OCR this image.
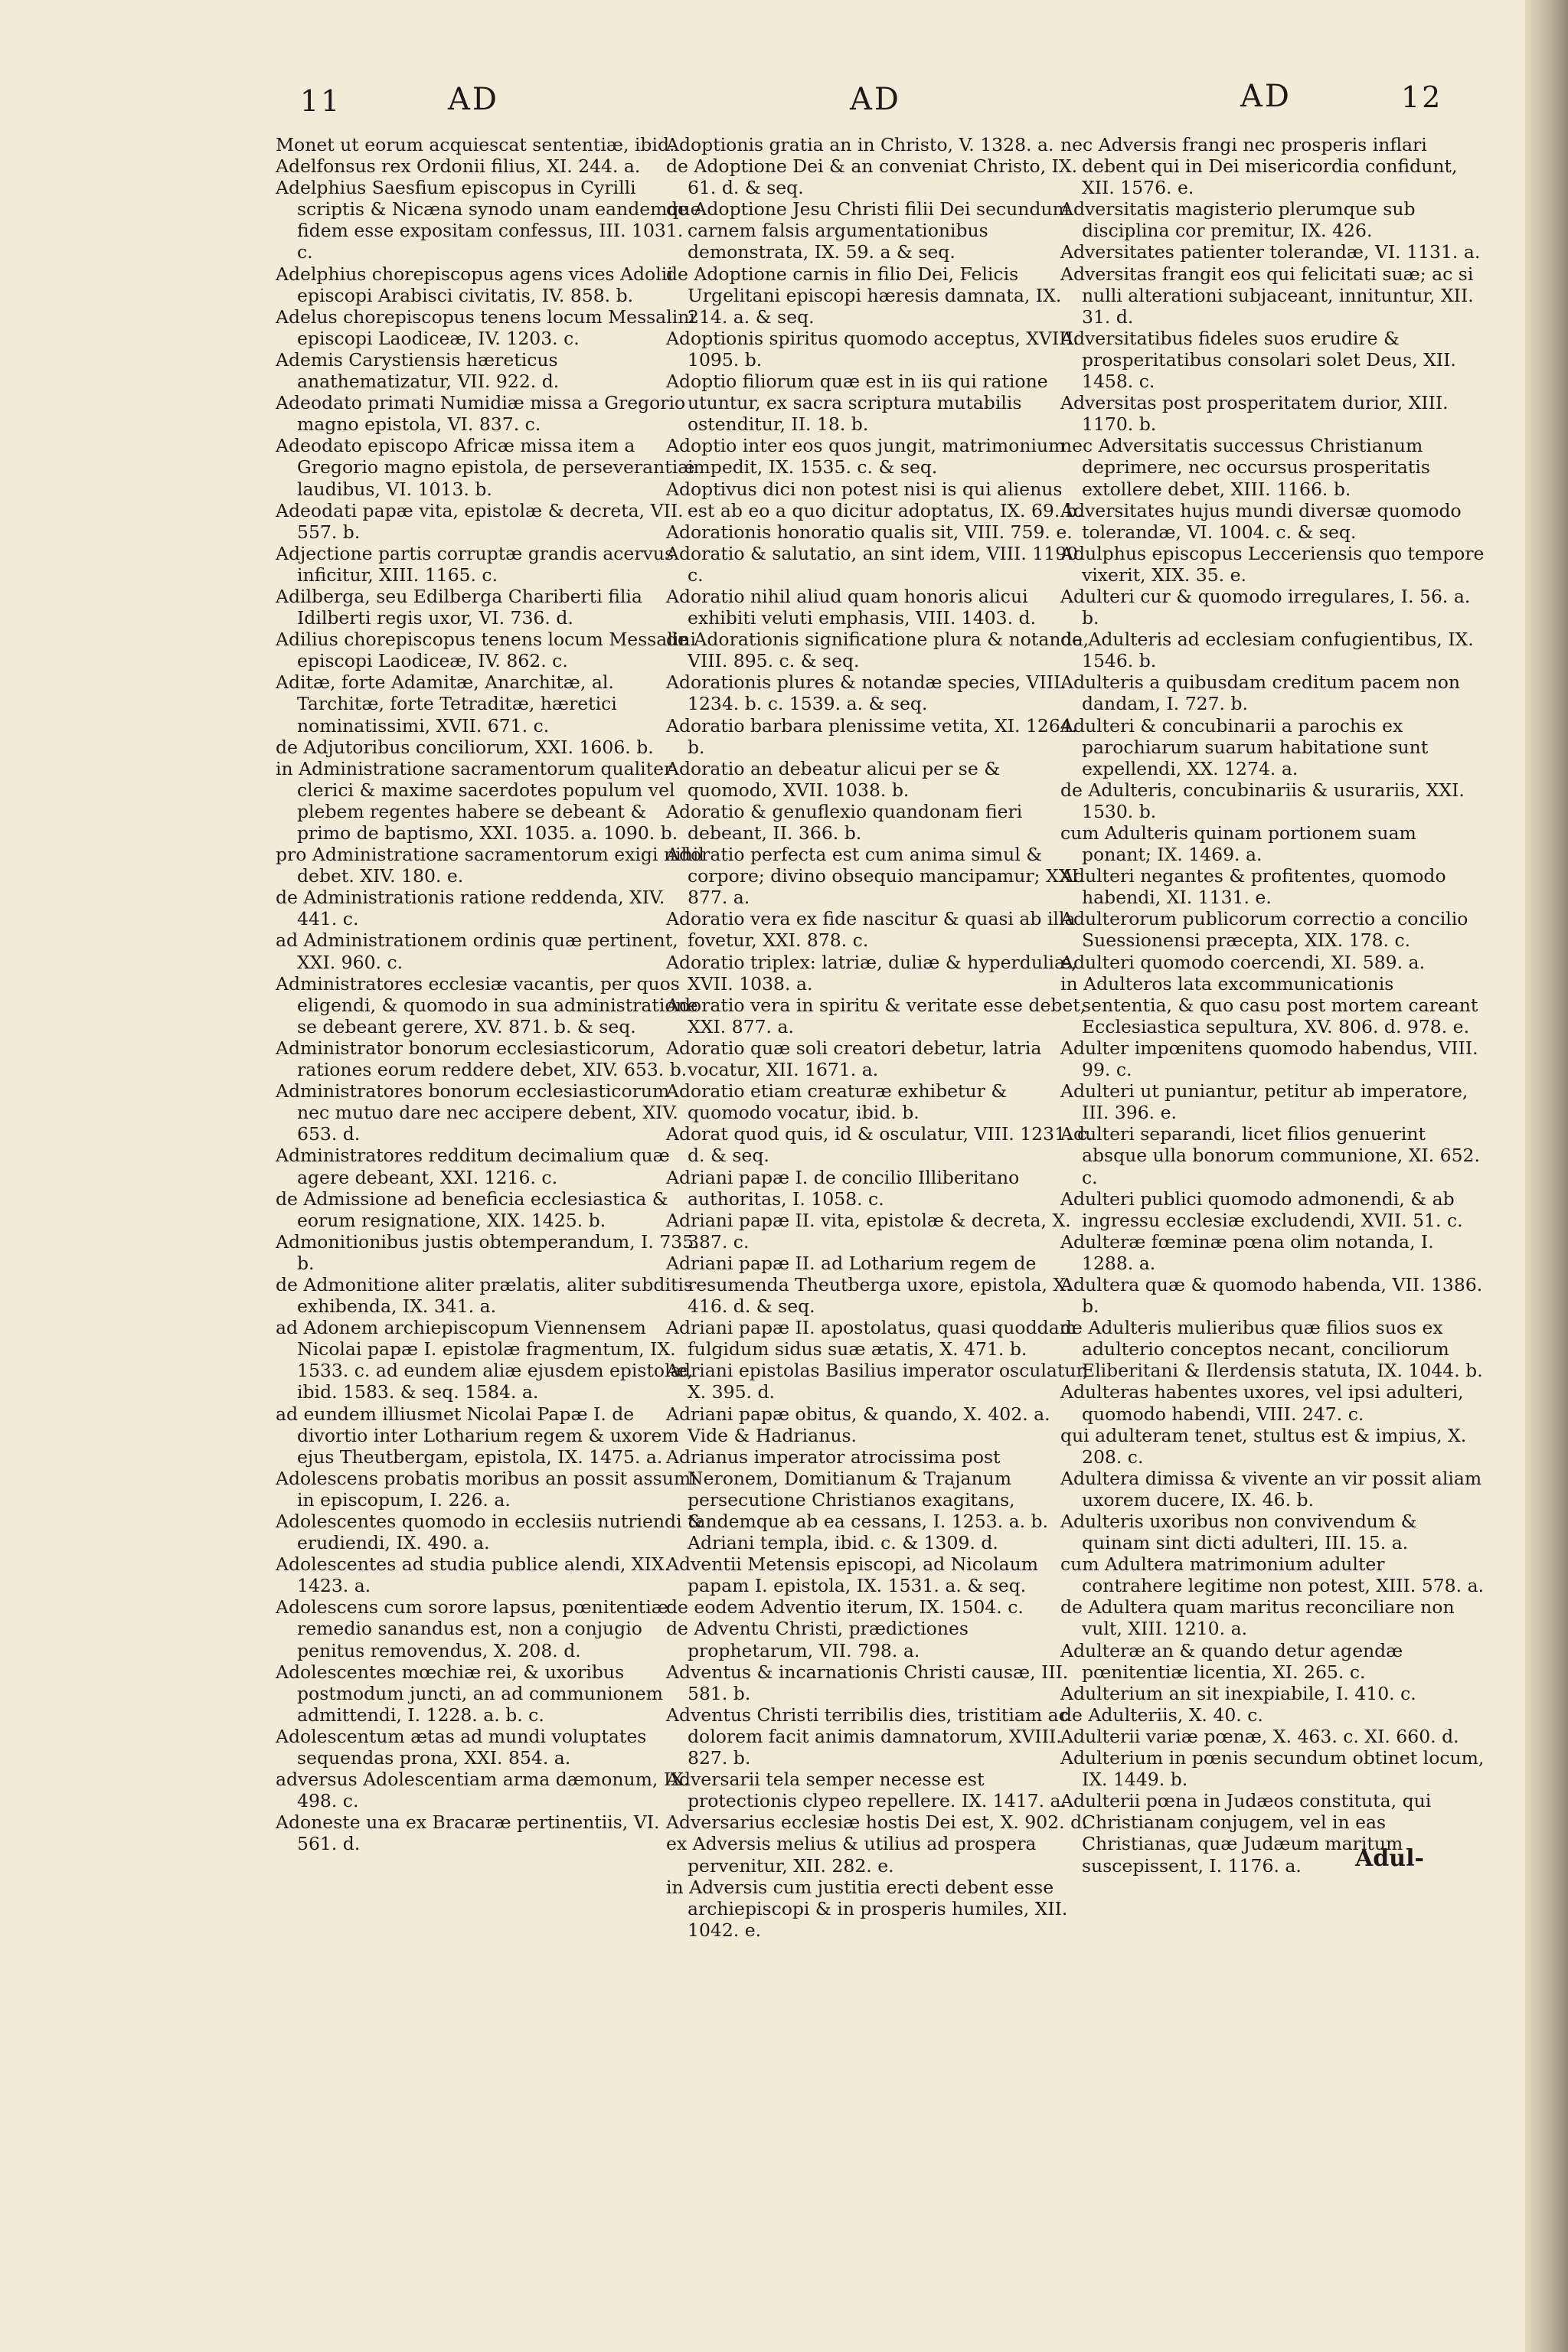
11	AD	AD	AD	12

Monet ut eorum acquiescat sententiæ, ibid.

Adelfonsus rex Ordonii filius, XI. 244. a.

Adelphius Saesfium episcopus in Cyrilli scriptis & Nicæna synodo unam eandemque fidem esse expositam confessus, III. 1031. c.

Adelphius chorepiscopus agens vices Adolii episcopi Arabisci civitatis, IV. 858. b.

Adelus chorepiscopus tenens locum Messalini episcopi Laodiceæ, IV. 1203. c.

Ademis Carystiensis hæreticus anathematizatur, VII. 922. d.

Adeodato primati Numidiæ missa a Gregorio magno epistola, VI. 837. c.

Adeodato episcopo Africæ missa item a Gregorio magno epistola, de perseverantiæ laudibus, VI. 1013. b.

Adeodati papæ vita, epistolæ & decreta, VII. 557. b.

Adjectione partis corruptæ grandis acervus inficitur, XIII. 1165. c.

Adilberga, seu Edilberga Chariberti filia Idilberti regis uxor, VI. 736. d.

Adilius chorepiscopus tenens locum Messalini episcopi Laodiceæ, IV. 862. c.

Aditæ, forte Adamitæ, Anarchitæ, al. Tarchitæ, forte Tetraditæ, hæretici nominatissimi, XVII. 671. c.

de Adjutoribus conciliorum, XXI. 1606. b.

in Administratione sacramentorum qualiter clerici & maxime sacerdotes populum vel plebem regentes habere se debeant & primo de baptismo, XXI. 1035. a. 1090. b.

pro Administratione sacramentorum exigi nihil debet. XIV. 180. e.

de Administrationis ratione reddenda, XIV. 441. c.

ad Administrationem ordinis quæ pertinent, XXI. 960. c.

Administratores ecclesiæ vacantis, per quos eligendi, & quomodo in sua administratione se debeant gerere, XV. 871. b. & seq.

Administrator bonorum ecclesiasticorum, rationes eorum reddere debet, XIV. 653. b.

Administratores bonorum ecclesiasticorum nec mutuo dare nec accipere debent, XIV. 653. d.

Administratores redditum decimalium quæ agere debeant, XXI. 1216. c.

de Admissione ad beneficia ecclesiastica & eorum resignatione, XIX. 1425. b.

Admonitionibus justis obtemperandum, I. 735. b.

de Admonitione aliter prælatis, aliter subditis exhibenda, IX. 341. a.

ad Adonem archiepiscopum Viennensem Nicolai papæ I. epistolæ fragmentum, IX. 1533. c. ad eundem aliæ ejusdem epistolæ, ibid. 1583. & seq. 1584. a.

ad eundem illiusmet Nicolai Papæ I. de divortio inter Lotharium regem & uxorem ejus Theutbergam, epistola, IX. 1475. a.

Adolescens probatis moribus an possit assumi in episcopum, I. 226. a.

Adolescentes quomodo in ecclesiis nutriendi & erudiendi, IX. 490. a.

Adolescentes ad studia publice alendi, XIX. 1423. a.

Adolescens cum sorore lapsus, pœnitentiæ remedio sanandus est, non a conjugio penitus removendus, X. 208. d.

Adolescentes mœchiæ rei, & uxoribus postmodum juncti, an ad communionem admittendi, I. 1228. a. b. c.

Adolescentum ætas ad mundi voluptates sequendas prona, XXI. 854. a.

adversus Adolescentiam arma dæmonum, IX. 498. c.

Adoneste una ex Bracaræ pertinentiis, VI. 561. d.

Adoptionis gratia an in Christo, V. 1328. a.

de Adoptione Dei & an conveniat Christo, IX. 61. d. & seq.

de Adoptione Jesu Christi filii Dei secundum carnem falsis argumentationibus demonstrata, IX. 59. a & seq.

de Adoptione carnis in filio Dei, Felicis Urgelitani episcopi hæresis damnata, IX. 214. a. & seq.

Adoptionis spiritus quomodo acceptus, XVIII. 1095. b.

Adoptio filiorum quæ est in iis qui ratione utuntur, ex sacra scriptura mutabilis ostenditur, II. 18. b.

Adoptio inter eos quos jungit, matrimonium impedit, IX. 1535. c. & seq.

Adoptivus dici non potest nisi is qui alienus est ab eo a quo dicitur adoptatus, IX. 69. b.

Adorationis honoratio qualis sit, VIII. 759. e.

Adoratio & salutatio, an sint idem, VIII. 1190. c.

Adoratio nihil aliud quam honoris alicui exhibiti veluti emphasis, VIII. 1403. d.

de Adorationis significatione plura & notanda, VIII. 895. c. & seq.

Adorationis plures & notandæ species, VIII. 1234. b. c. 1539. a. & seq.

Adoratio barbara plenissime vetita, XI. 1264. b.

Adoratio an debeatur alicui per se & quomodo, XVII. 1038. b.

Adoratio & genuflexio quandonam fieri debeant, II. 366. b.

Adoratio perfecta est cum anima simul & corpore; divino obsequio mancipamur; XXI. 877. a.

Adoratio vera ex fide nascitur & quasi ab illa fovetur, XXI. 878. c.

Adoratio triplex: latriæ, duliæ & hyperduliæ, XVII. 1038. a.

Adoratio vera in spiritu & veritate esse debet, XXI. 877. a.

Adoratio quæ soli creatori debetur, latria vocatur, XII. 1671. a.

Adoratio etiam creaturæ exhibetur & quomodo vocatur, ibid. b.

Adorat quod quis, id & osculatur, VIII. 1231. c. d. & seq.

Adriani papæ I. de concilio Illiberitano authoritas, I. 1058. c.

Adriani papæ II. vita, epistolæ & decreta, X. 387. c.

Adriani papæ II. ad Lotharium regem de resumenda Theutberga uxore, epistola, X. 416. d. & seq.

Adriani papæ II. apostolatus, quasi quoddam fulgidum sidus suæ ætatis, X. 471. b.

Adriani epistolas Basilius imperator osculatur, X. 395. d.

Adriani papæ obitus, & quando, X. 402. a. Vide & Hadrianus.

Adrianus imperator atrocissima post Neronem, Domitianum & Trajanum persecutione Christianos exagitans, tandemque ab ea cessans, I. 1253. a. b. Adriani templa, ibid. c. & 1309. d.

Adventii Metensis episcopi, ad Nicolaum papam I. epistola, IX. 1531. a. & seq.

de eodem Adventio iterum, IX. 1504. c.

de Adventu Christi, prædictiones prophetarum, VII. 798. a.

Adventus & incarnationis Christi causæ, III. 581. b.

Adventus Christi terribilis dies, tristitiam ac dolorem facit animis damnatorum, XVIII. 827. b.

Adversarii tela semper necesse est protectionis clypeo repellere. IX. 1417. a.

Adversarius ecclesiæ hostis Dei est, X. 902. d.

ex Adversis melius & utilius ad prospera pervenitur, XII. 282. e.

in Adversis cum justitia erecti debent esse archiepiscopi & in prosperis humiles, XII. 1042. e.

nec Adversis frangi nec prosperis inflari debent qui in Dei misericordia confidunt, XII. 1576. e.

Adversitatis magisterio plerumque sub disciplina cor premitur, IX. 426.

Adversitates patienter tolerandæ, VI. 1131. a.

Adversitas frangit eos qui felicitati suæ; ac si nulli alterationi subjaceant, innituntur, XII. 31. d.

Adversitatibus fideles suos erudire & prosperitatibus consolari solet Deus, XII. 1458. c.

Adversitas post prosperitatem durior, XIII. 1170. b.

nec Adversitatis successus Christianum deprimere, nec occursus prosperitatis extollere debet, XIII. 1166. b.

Adversitates hujus mundi diversæ quomodo tolerandæ, VI. 1004. c. & seq.

Adulphus episcopus Lecceriensis quo tempore vixerit, XIX. 35. e.

Adulteri cur & quomodo irregulares, I. 56. a. b.

de Adulteris ad ecclesiam confugientibus, IX. 1546. b.

Adulteris a quibusdam creditum pacem non dandam, I. 727. b.

Adulteri & concubinarii a parochis ex parochiarum suarum habitatione sunt expellendi, XX. 1274. a.

de Adulteris, concubinariis & usurariis, XXI. 1530. b.

cum Adulteris quinam portionem suam ponant; IX. 1469. a.

Adulteri negantes & profitentes, quomodo habendi, XI. 1131. e.

Adulterorum publicorum correctio a concilio Suessionensi præcepta, XIX. 178. c.

Adulteri quomodo coercendi, XI. 589. a.

in Adulteros lata excommunicationis sententia, & quo casu post mortem careant Ecclesiastica sepultura, XV. 806. d. 978. e.

Adulter impœnitens quomodo habendus, VIII. 99. c.

Adulteri ut puniantur, petitur ab imperatore, III. 396. e.

Adulteri separandi, licet filios genuerint absque ulla bonorum communione, XI. 652. c.

Adulteri publici quomodo admonendi, & ab ingressu ecclesiæ excludendi, XVII. 51. c.

Adulteræ fœminæ pœna olim notanda, I. 1288. a.

Adultera quæ & quomodo habenda, VII. 1386. b.

de Adulteris mulieribus quæ filios suos ex adulterio conceptos necant, conciliorum Eliberitani & Ilerdensis statuta, IX. 1044. b.

Adulteras habentes uxores, vel ipsi adulteri, quomodo habendi, VIII. 247. c.

qui adulteram tenet, stultus est & impius, X. 208. c.

Adultera dimissa & vivente an vir possit aliam uxorem ducere, IX. 46. b.

Adulteris uxoribus non convivendum & quinam sint dicti adulteri, III. 15. a.

cum Adultera matrimonium adulter contrahere legitime non potest, XIII. 578. a.

de Adultera quam maritus reconciliare non vult, XIII. 1210. a.

Adulteræ an & quando detur agendæ pœnitentiæ licentia, XI. 265. c.

Adulterium an sit inexpiabile, I. 410. c.

de Adulteriis, X. 40. c.

Adulterii variæ pœnæ, X. 463. c. XI. 660. d.

Adulterium in pœnis secundum obtinet locum, IX. 1449. b.

Adulterii pœna in Judæos constituta, qui Christianam conjugem, vel in eas Christianas, quæ Judæum maritum suscepissent, I. 1176. a.	Adul-
